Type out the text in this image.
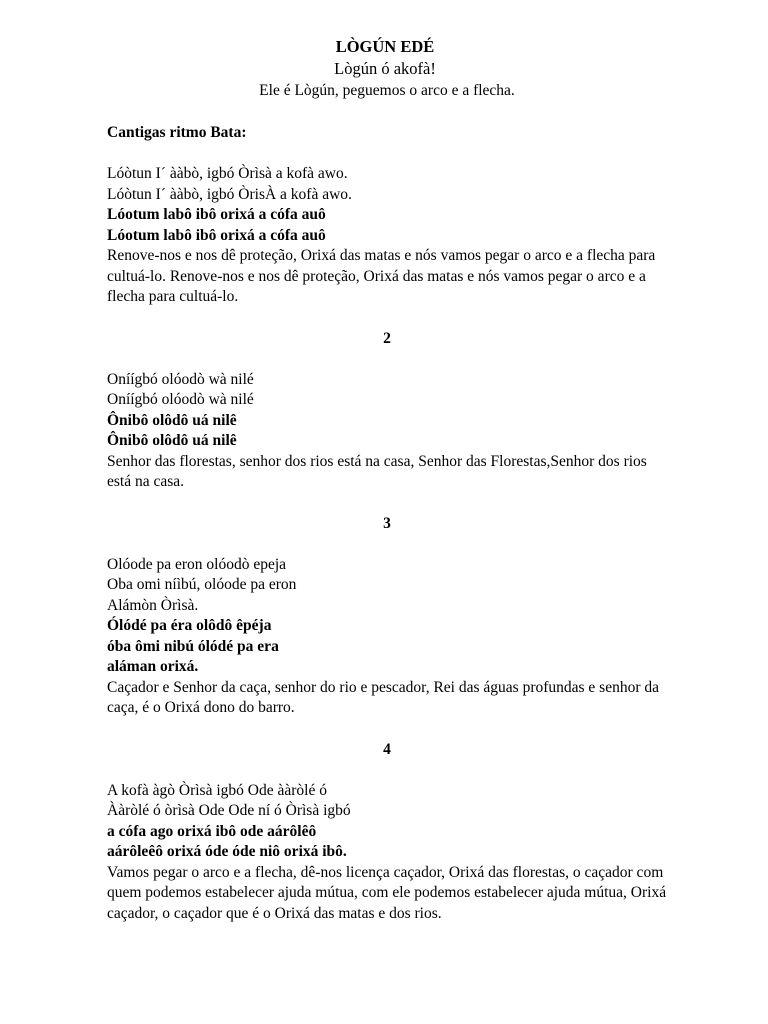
LÒGÚN EDÉ

Lògún ó akofà!

Ele é Lògún, peguemos o arco e a flecha.

Cantigas ritmo Bata:
Lóòtun I´ ààbò, igbó Òrìsà a kofà awo.
Lóòtun I´ ààbò, igbó ÒrisÀ a kofà awo.
Lóotum labô ibô orixá a cófa auô
Lóotum labô ibô orixá a cófa auô
Renove-nos e nos dê proteção, Orixá das matas e nós vamos pegar o arco e a flecha para cultuá-lo. Renove-nos e nos dê proteção, Orixá das matas e nós vamos pegar o arco e a flecha para cultuá-lo.
2
Oníígbó olóodò wà nilé
Oníígbó olóodò wà nilé
Ônibô olôdô uá nilê
Ônibô olôdô uá nilê
Senhor das florestas, senhor dos rios está na casa, Senhor das Florestas,Senhor dos rios está na casa.
3
Olóode pa eron olóodò epeja
Oba omi níìbú, olóode pa eron
Alámòn Òrìsà.
Ólódé pa éra olôdô êpéja
óba ômi nibú ólódé pa era
aláman orixá.
Caçador e Senhor da caça, senhor do rio e pescador, Rei das águas profundas e senhor da caça, é o Orixá dono do barro.
4
A kofà àgò Òrìsà igbó Ode ààròlé ó
Ààròlé ó òrìsà Ode Ode ní ó Òrìsà igbó
a cófa ago orixá ibô ode aárôlêô
aárôleêô orixá óde óde niô orixá ibô.
Vamos pegar o arco e a flecha, dê-nos licença caçador, Orixá das florestas, o caçador com quem podemos estabelecer ajuda mútua, com ele podemos estabelecer ajuda mútua, Orixá caçador, o caçador que é o Orixá das matas e dos rios.
